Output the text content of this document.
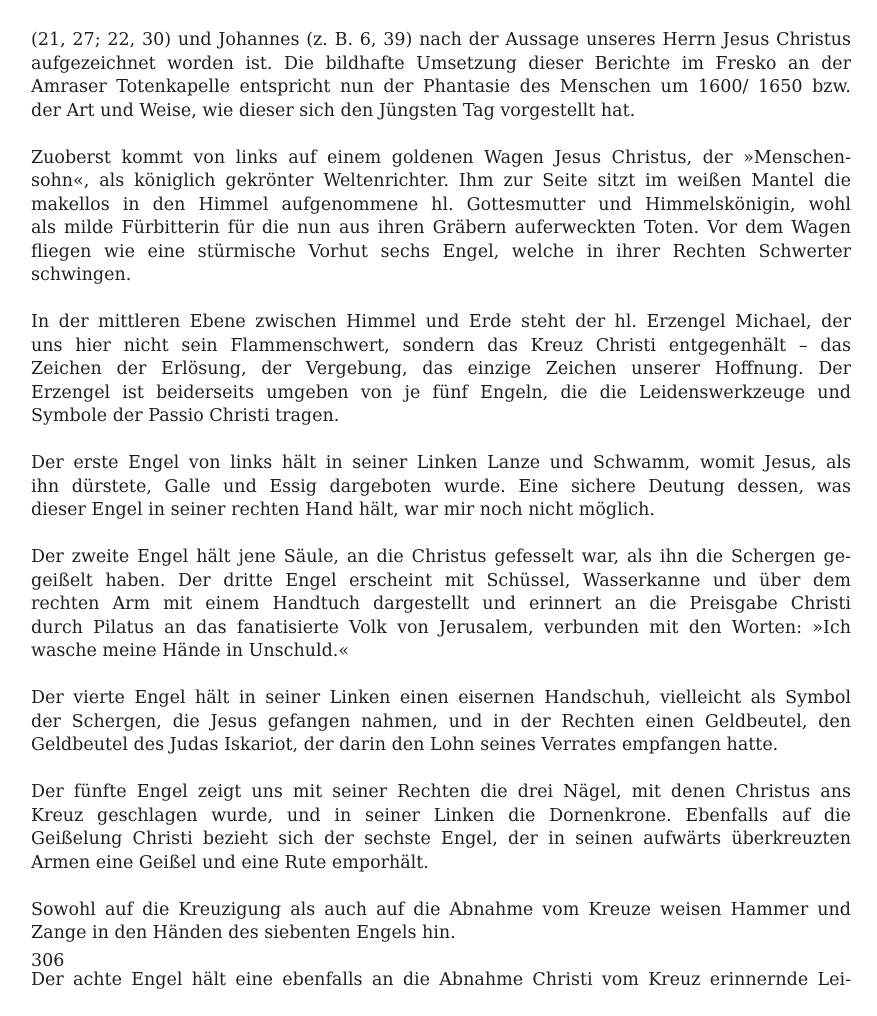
(21, 27; 22, 30) und Johannes (z. B. 6, 39) nach der Aussage unseres Herrn Jesus Christus
aufgezeichnet worden ist. Die bildhafte Umsetzung dieser Berichte im Fresko an der
Amraser Totenkapelle entspricht nun der Phantasie des Menschen um 1600/ 1650 bzw.
der Art und Weise, wie dieser sich den Jüngsten Tag vorgestellt hat.

Zuoberst kommt von links auf einem goldenen Wagen Jesus Christus, der »Menschen-
sohn«, als königlich gekrönter Weltenrichter. Ihm zur Seite sitzt im weißen Mantel die
makellos in den Himmel aufgenommene hl. Gottesmutter und Himmelskönigin, wohl
als milde Fürbitterin für die nun aus ihren Gräbern auferweckten Toten. Vor dem Wagen
fliegen wie eine stürmische Vorhut sechs Engel, welche in ihrer Rechten Schwerter
schwingen.

In der mittleren Ebene zwischen Himmel und Erde steht der hl. Erzengel Michael, der
uns hier nicht sein Flammenschwert, sondern das Kreuz Christi entgegenhält – das
Zeichen der Erlösung, der Vergebung, das einzige Zeichen unserer Hoffnung. Der
Erzengel ist beiderseits umgeben von je fünf Engeln, die die Leidenswerkzeuge und
Symbole der Passio Christi tragen.

Der erste Engel von links hält in seiner Linken Lanze und Schwamm, womit Jesus, als
ihn dürstete, Galle und Essig dargeboten wurde. Eine sichere Deutung dessen, was
dieser Engel in seiner rechten Hand hält, war mir noch nicht möglich.

Der zweite Engel hält jene Säule, an die Christus gefesselt war, als ihn die Schergen ge-
geißelt haben. Der dritte Engel erscheint mit Schüssel, Wasserkanne und über dem
rechten Arm mit einem Handtuch dargestellt und erinnert an die Preisgabe Christi
durch Pilatus an das fanatisierte Volk von Jerusalem, verbunden mit den Worten: »Ich
wasche meine Hände in Unschuld.«

Der vierte Engel hält in seiner Linken einen eisernen Handschuh, vielleicht als Symbol
der Schergen, die Jesus gefangen nahmen, und in der Rechten einen Geldbeutel, den
Geldbeutel des Judas Iskariot, der darin den Lohn seines Verrates empfangen hatte.

Der fünfte Engel zeigt uns mit seiner Rechten die drei Nägel, mit denen Christus ans
Kreuz geschlagen wurde, und in seiner Linken die Dornenkrone. Ebenfalls auf die
Geißelung Christi bezieht sich der sechste Engel, der in seinen aufwärts überkreuzten
Armen eine Geißel und eine Rute emporhält.

Sowohl auf die Kreuzigung als auch auf die Abnahme vom Kreuze weisen Hammer und
Zange in den Händen des siebenten Engels hin.

Der achte Engel hält eine ebenfalls an die Abnahme Christi vom Kreuz erinnernde Lei-

306
